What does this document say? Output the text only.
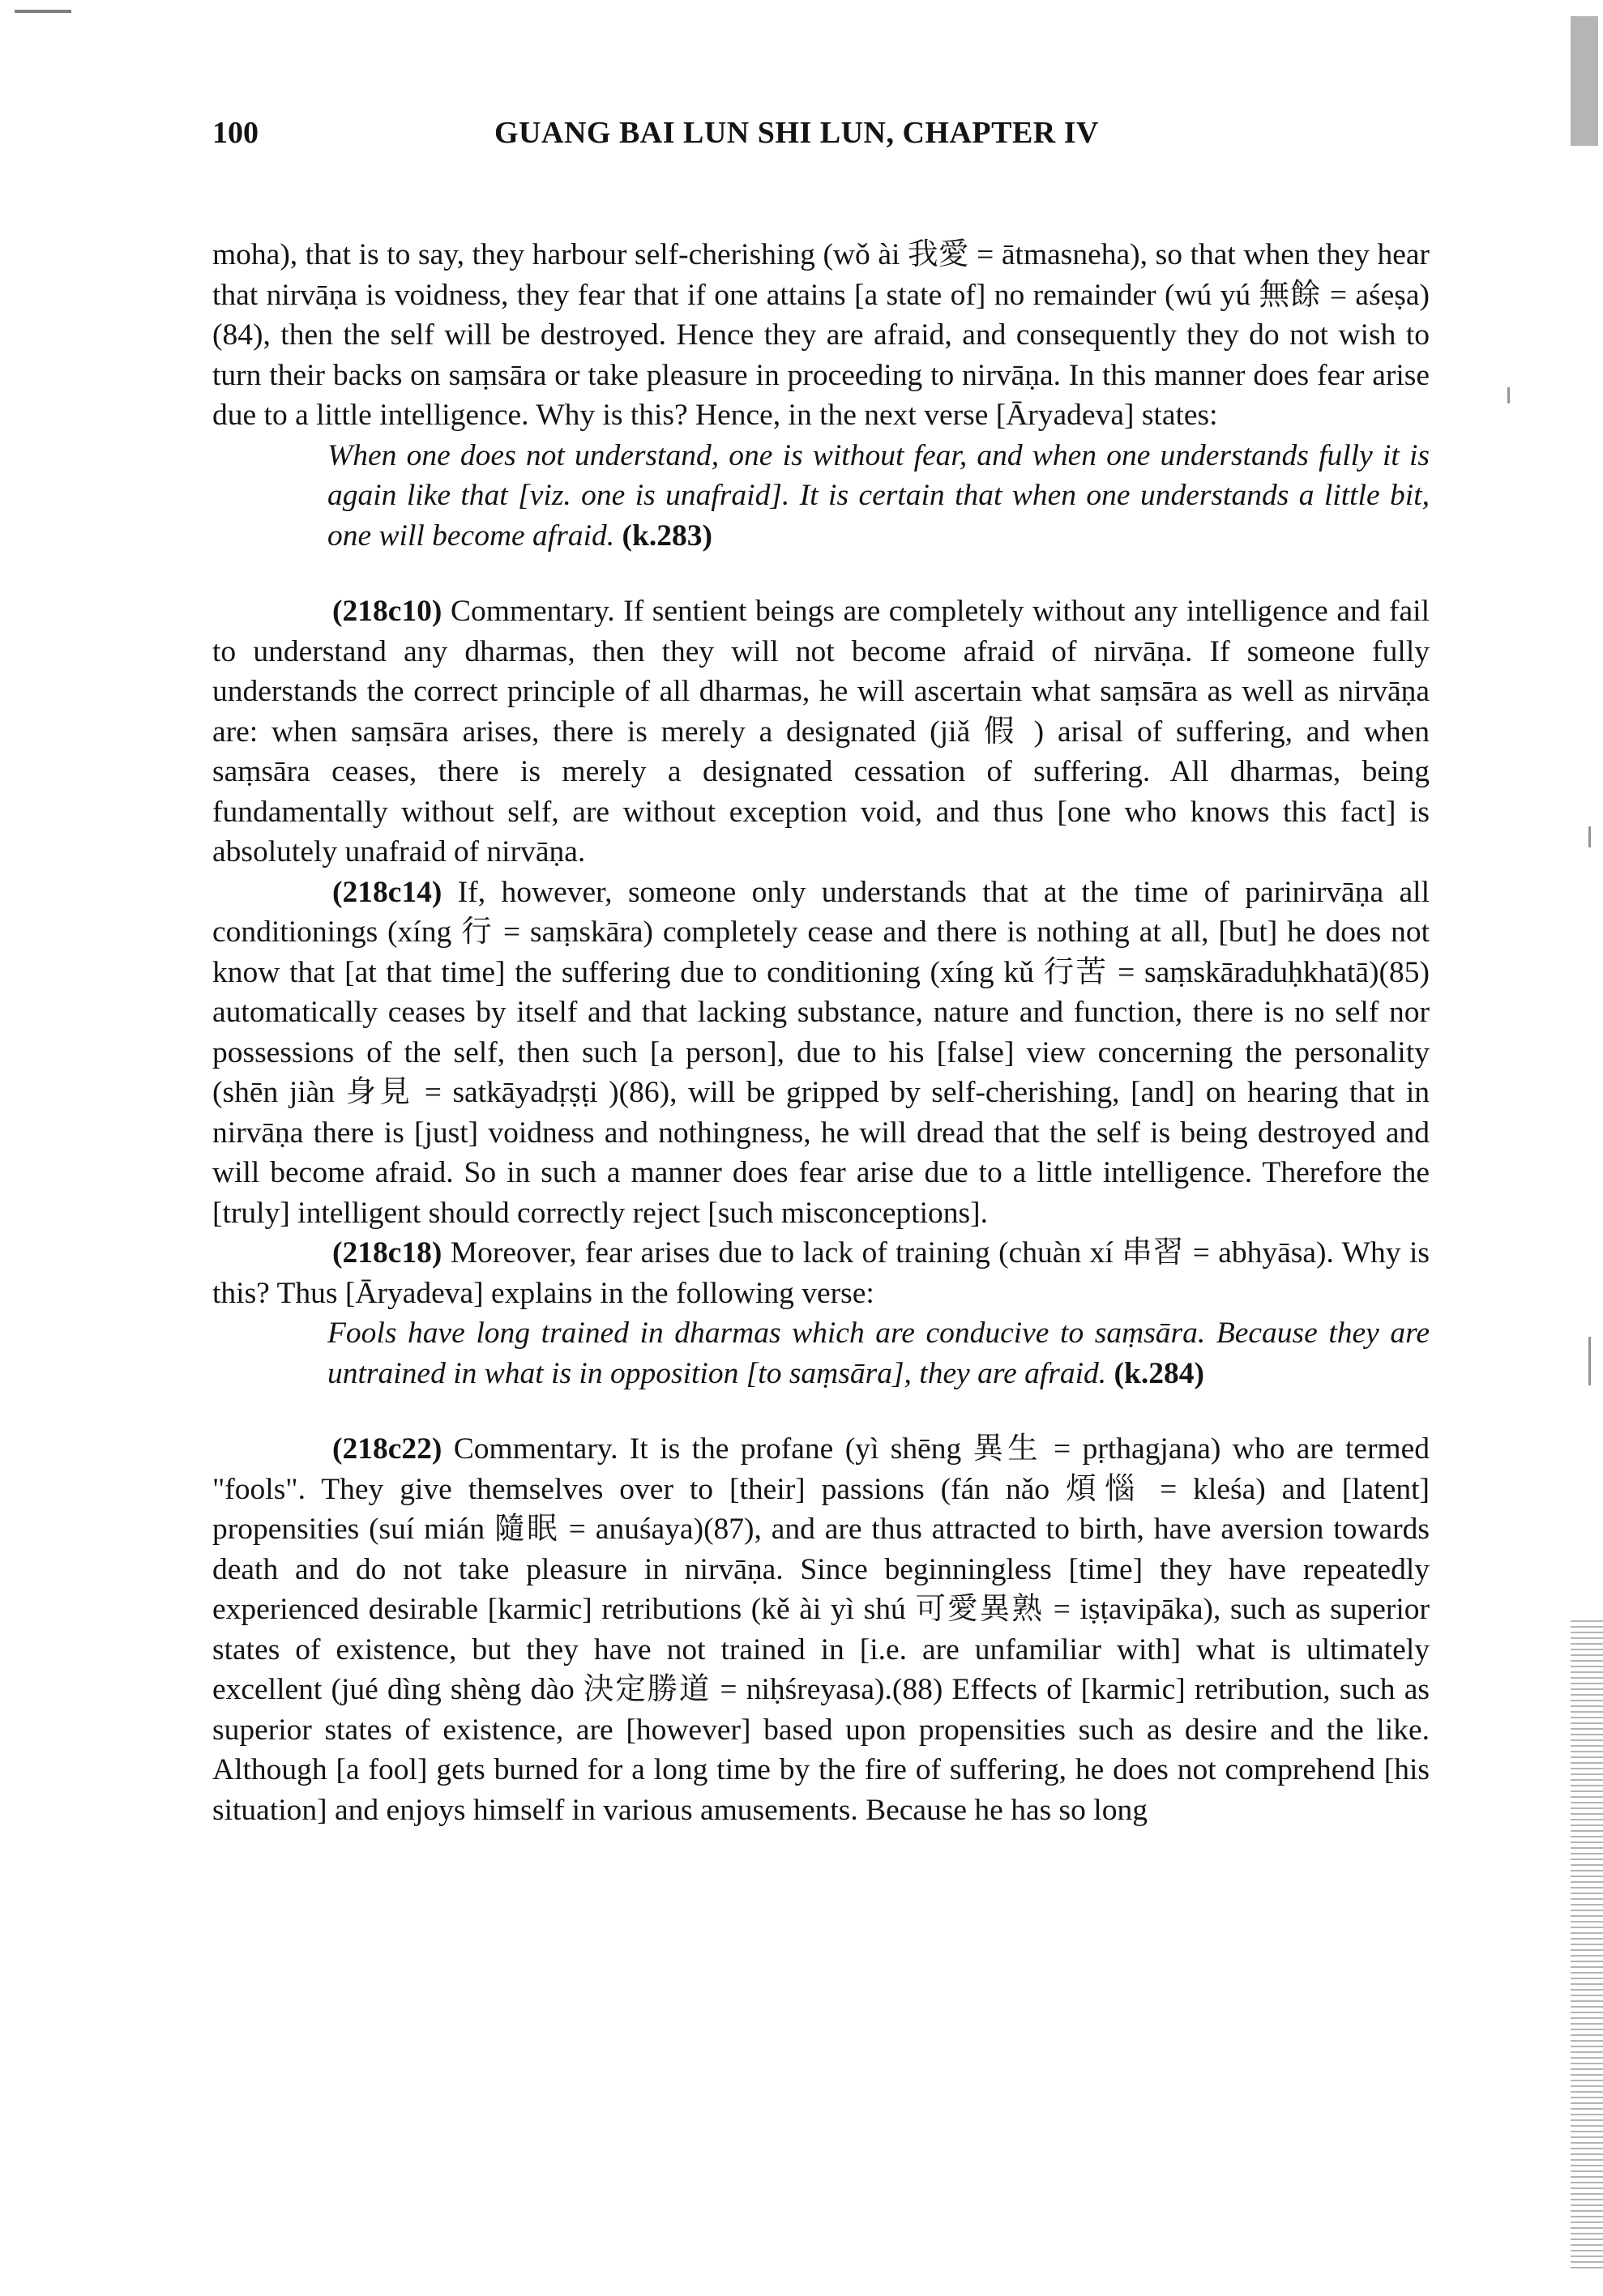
100	GUANG BAI LUN SHI LUN, CHAPTER IV

moha), that is to say, they harbour self-cherishing (wǒ ài 我愛 = ātmasneha), so that when they hear that nirvāṇa is voidness, they fear that if one attains [a state of] no remainder (wú yú 無餘 = aśeṣa)(84), then the self will be destroyed. Hence they are afraid, and consequently they do not wish to turn their backs on saṃsāra or take pleasure in proceeding to nirvāṇa. In this manner does fear arise due to a little intelligence. Why is this? Hence, in the next verse [Āryadeva] states:

When one does not understand, one is without fear, and when one understands fully it is again like that [viz. one is unafraid]. It is certain that when one understands a little bit, one will become afraid. (k.283)

(218c10) Commentary. If sentient beings are completely without any intelligence and fail to understand any dharmas, then they will not become afraid of nirvāṇa. If someone fully understands the correct principle of all dharmas, he will ascertain what saṃsāra as well as nirvāṇa are: when saṃsāra arises, there is merely a designated (jiǎ 假 ) arisal of suffering, and when saṃsāra ceases, there is merely a designated cessation of suffering. All dharmas, being fundamentally without self, are without exception void, and thus [one who knows this fact] is absolutely unafraid of nirvāṇa.

(218c14) If, however, someone only understands that at the time of parinirvāṇa all conditionings (xíng 行 = saṃskāra) completely cease and there is nothing at all, [but] he does not know that [at that time] the suffering due to conditioning (xíng kǔ 行苦 = saṃskāraduḥkhatā)(85) automatically ceases by itself and that lacking substance, nature and function, there is no self nor possessions of the self, then such [a person], due to his [false] view concerning the personality (shēn jiàn 身見 = satkāyadṛṣṭi )(86), will be gripped by self-cherishing, [and] on hearing that in nirvāṇa there is [just] voidness and nothingness, he will dread that the self is being destroyed and will become afraid. So in such a manner does fear arise due to a little intelligence. Therefore the [truly] intelligent should correctly reject [such misconceptions].

(218c18) Moreover, fear arises due to lack of training (chuàn xí 串習 = abhyāsa). Why is this? Thus [Āryadeva] explains in the following verse:

Fools have long trained in dharmas which are conducive to saṃsāra. Because they are untrained in what is in opposition [to saṃsāra], they are afraid. (k.284)

(218c22) Commentary. It is the profane (yì shēng 異生 = pṛthagjana) who are termed "fools". They give themselves over to [their] passions (fán nǎo 煩惱 = kleśa) and [latent] propensities (suí mián 隨眠 = anuśaya)(87), and are thus attracted to birth, have aversion towards death and do not take pleasure in nirvāṇa. Since beginningless [time] they have repeatedly experienced desirable [karmic] retributions (kě ài yì shú 可愛異熟 = iṣṭavipāka), such as superior states of existence, but they have not trained in [i.e. are unfamiliar with] what is ultimately excellent (jué dìng shèng dào 決定勝道 = niḥśreyasa).(88) Effects of [karmic] retribution, such as superior states of existence, are [however] based upon propensities such as desire and the like. Although [a fool] gets burned for a long time by the fire of suffering, he does not comprehend [his situation] and enjoys himself in various amusements. Because he has so long
